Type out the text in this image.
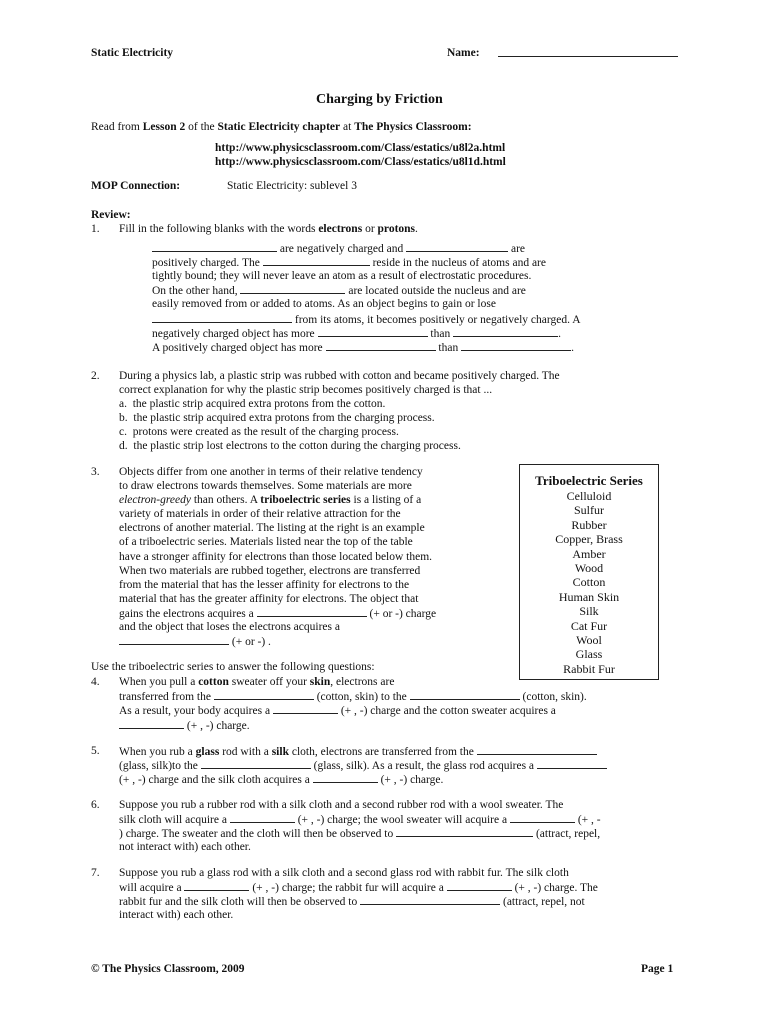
Static Electricity	Name:
Charging by Friction
Read from Lesson 2 of the Static Electricity chapter at The Physics Classroom:
http://www.physicsclassroom.com/Class/estatics/u8l2a.html
http://www.physicsclassroom.com/Class/estatics/u8l1d.html
MOP Connection:	Static Electricity: sublevel 3
Review:
1. Fill in the following blanks with the words electrons or protons.
are negatively charged and	are
positively charged. The	reside in the nucleus of atoms and are
tightly bound; they will never leave an atom as a result of electrostatic procedures.
On the other hand,	are located outside the nucleus and are
easily removed from or added to atoms. As an object begins to gain or lose
from its atoms, it becomes positively or negatively charged. A
negatively charged object has more	than	.
A positively charged object has more	than	.
2. During a physics lab, a plastic strip was rubbed with cotton and became positively charged. The
correct explanation for why the plastic strip becomes positively charged is that ...
a. the plastic strip acquired extra protons from the cotton.
b. the plastic strip acquired extra protons from the charging process.
c. protons were created as the result of the charging process.
d. the plastic strip lost electrons to the cotton during the charging process.
3. Objects differ from one another in terms of their relative tendency
to draw electrons towards themselves. Some materials are more
electron-greedy than others. A triboelectric series is a listing of a
variety of materials in order of their relative attraction for the
electrons of another material. The listing at the right is an example
of a triboelectric series. Materials listed near the top of the table
have a stronger affinity for electrons than those located below them.
When two materials are rubbed together, electrons are transferred
from the material that has the lesser affinity for electrons to the
material that has the greater affinity for electrons. The object that
gains the electrons acquires a	(+ or -) charge
and the object that loses the electrons acquires a
(+ or -) .
Triboelectric Series
Celluloid
Sulfur
Rubber
Copper, Brass
Amber
Wood
Cotton
Human Skin
Silk
Cat Fur
Wool
Glass
Rabbit Fur
Use the triboelectric series to answer the following questions:
4. When you pull a cotton sweater off your skin, electrons are
transferred from the	(cotton, skin) to the	(cotton, skin).
As a result, your body acquires a	(+ , -) charge and the cotton sweater acquires a
(+ , -) charge.
5. When you rub a glass rod with a silk cloth, electrons are transferred from the
(glass, silk)to the	(glass, silk). As a result, the glass rod acquires a
(+ , -) charge and the silk cloth acquires a	(+ , -) charge.
6. Suppose you rub a rubber rod with a silk cloth and a second rubber rod with a wool sweater. The
silk cloth will acquire a	(+ , -) charge; the wool sweater will acquire a	(+ , -
) charge. The sweater and the cloth will then be observed to	(attract, repel,
not interact with) each other.
7. Suppose you rub a glass rod with a silk cloth and a second glass rod with rabbit fur. The silk cloth
will acquire a	(+ , -) charge; the rabbit fur will acquire a	(+ , -) charge. The
rabbit fur and the silk cloth will then be observed to	(attract, repel, not
interact with) each other.
© The Physics Classroom, 2009	Page 1
